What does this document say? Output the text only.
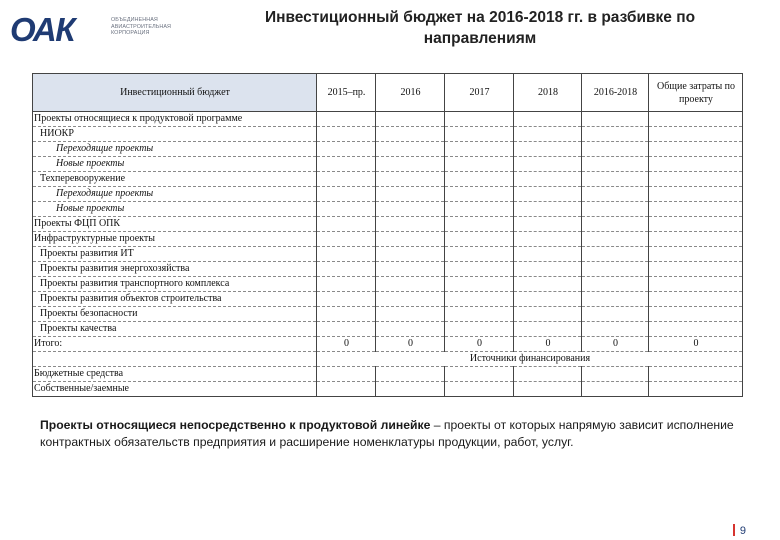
ОАК	ОБЪЕДИНЕННАЯ
АВИАСТРОИТЕЛЬНАЯ
КОРПОРАЦИЯ
Инвестиционный бюджет на 2016-2018 гг. в разбивке по направлениям
Инвестиционный бюджет	2015–пр.	2016	2017	2018	2016-2018	Общие затраты по проекту
Проекты относящиеся к продуктовой программе						
НИОКР						
Переходящие проекты						
Новые проекты						
Техперевооружение						
Переходящие проекты						
Новые проекты						
Проекты ФЦП ОПК						
Инфраструктурные проекты						
Проекты развития ИТ						
Проекты развития энергохозяйства						
Проекты развития транспортного комплекса						
Проекты развития объектов строительства						
Проекты безопасности						
Проекты качества						
Итого:	0	0	0	0	0	0
	Источники финансирования					
Бюджетные средства						
Собственные/заемные						
Проекты относящиеся непосредственно к продуктовой линейке – проекты от которых напрямую зависит исполнение контрактных обязательств предприятия и расширение номенклатуры продукции, работ, услуг.
9
